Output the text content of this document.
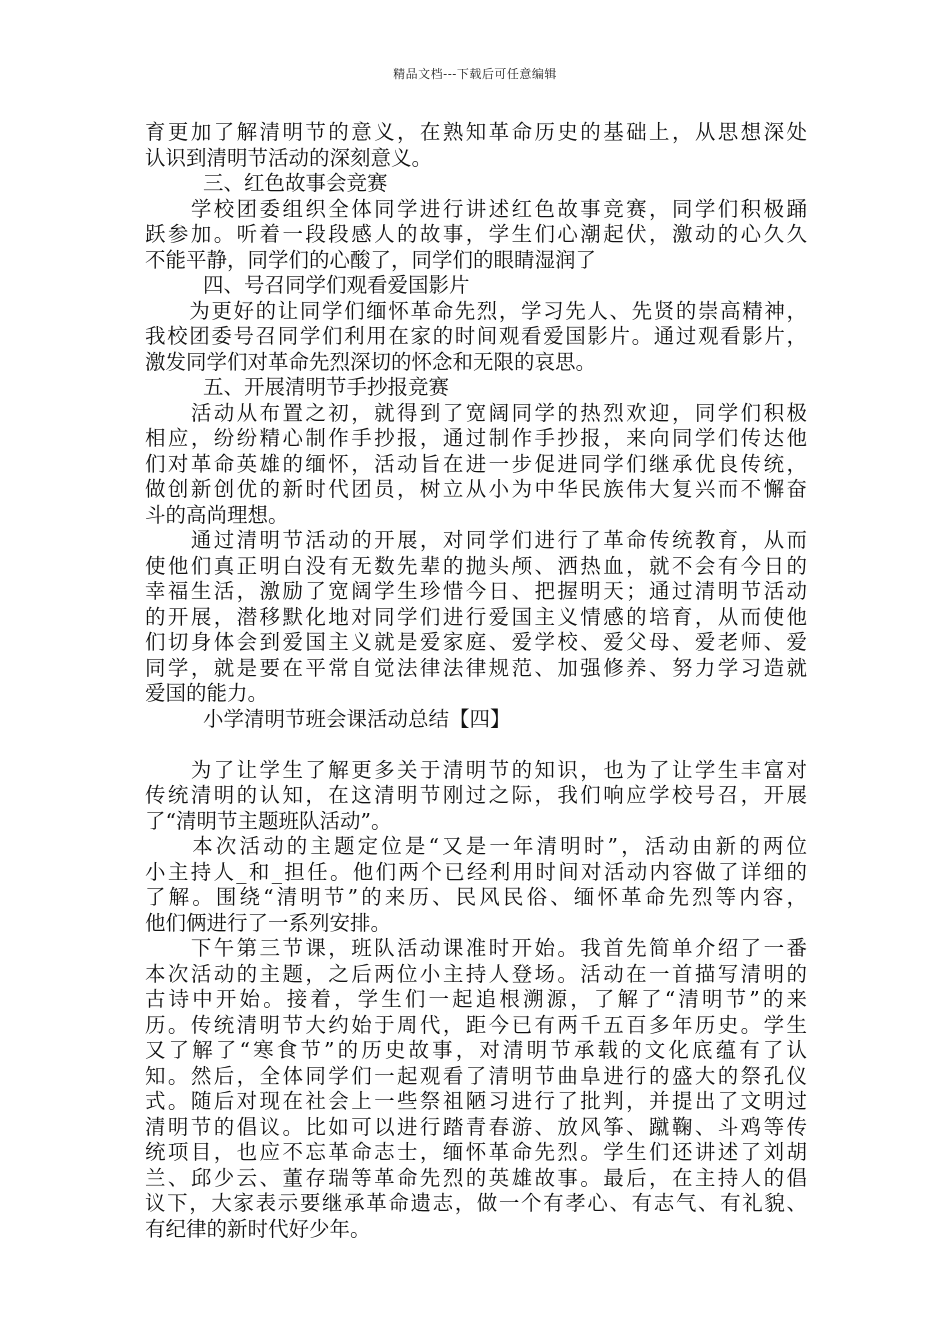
精品文档---下载后可任意编辑
育更加了解清明节的意义，在熟知革命历史的基础上，从思想深处
认识到清明节活动的深刻意义。
三、红色故事会竞赛
　　学校团委组织全体同学进行讲述红色故事竞赛，同学们积极踊
跃参加。听着一段段感人的故事，学生们心潮起伏，激动的心久久
不能平静，同学们的心酸了，同学们的眼睛湿润了
四、号召同学们观看爱国影片
　　为更好的让同学们缅怀革命先烈，学习先人、先贤的崇高精神，
我校团委号召同学们利用在家的时间观看爱国影片。通过观看影片，
激发同学们对革命先烈深切的怀念和无限的哀思。
五、开展清明节手抄报竞赛
　　活动从布置之初，就得到了宽阔同学的热烈欢迎，同学们积极
相应，纷纷精心制作手抄报，通过制作手抄报，来向同学们传达他
们对革命英雄的缅怀，活动旨在进一步促进同学们继承优良传统，
做创新创优的新时代团员，树立从小为中华民族伟大复兴而不懈奋
斗的高尚理想。
　　通过清明节活动的开展，对同学们进行了革命传统教育，从而
使他们真正明白没有无数先辈的抛头颅、洒热血，就不会有今日的
幸福生活，激励了宽阔学生珍惜今日、把握明天；通过清明节活动
的开展，潜移默化地对同学们进行爱国主义情感的培育，从而使他
们切身体会到爱国主义就是爱家庭、爱学校、爱父母、爱老师、爱
同学，就是要在平常自觉法律法律规范、加强修养、努力学习造就
爱国的能力。
小学清明节班会课活动总结【四】
　　为了让学生了解更多关于清明节的知识，也为了让学生丰富对
传统清明的认知，在这清明节刚过之际，我们响应学校号召，开展
了“清明节主题班队活动”。
　　本次活动的主题定位是“又是一年清明时”，活动由新的两位
小主持人_和_担任。他们两个已经利用时间对活动内容做了详细的
了解。围绕“清明节”的来历、民风民俗、缅怀革命先烈等内容，
他们俩进行了一系列安排。
　　下午第三节课，班队活动课准时开始。我首先简单介绍了一番
本次活动的主题，之后两位小主持人登场。活动在一首描写清明的
古诗中开始。接着，学生们一起追根溯源，了解了“清明节”的来
历。传统清明节大约始于周代，距今已有两千五百多年历史。学生
又了解了“寒食节”的历史故事，对清明节承载的文化底蕴有了认
知。然后，全体同学们一起观看了清明节曲阜进行的盛大的祭孔仪
式。随后对现在社会上一些祭祖陋习进行了批判，并提出了文明过
清明节的倡议。比如可以进行踏青春游、放风筝、蹴鞠、斗鸡等传
统项目，也应不忘革命志士，缅怀革命先烈。学生们还讲述了刘胡
兰、邱少云、董存瑞等革命先烈的英雄故事。最后，在主持人的倡
议下，大家表示要继承革命遗志，做一个有孝心、有志气、有礼貌、
有纪律的新时代好少年。
